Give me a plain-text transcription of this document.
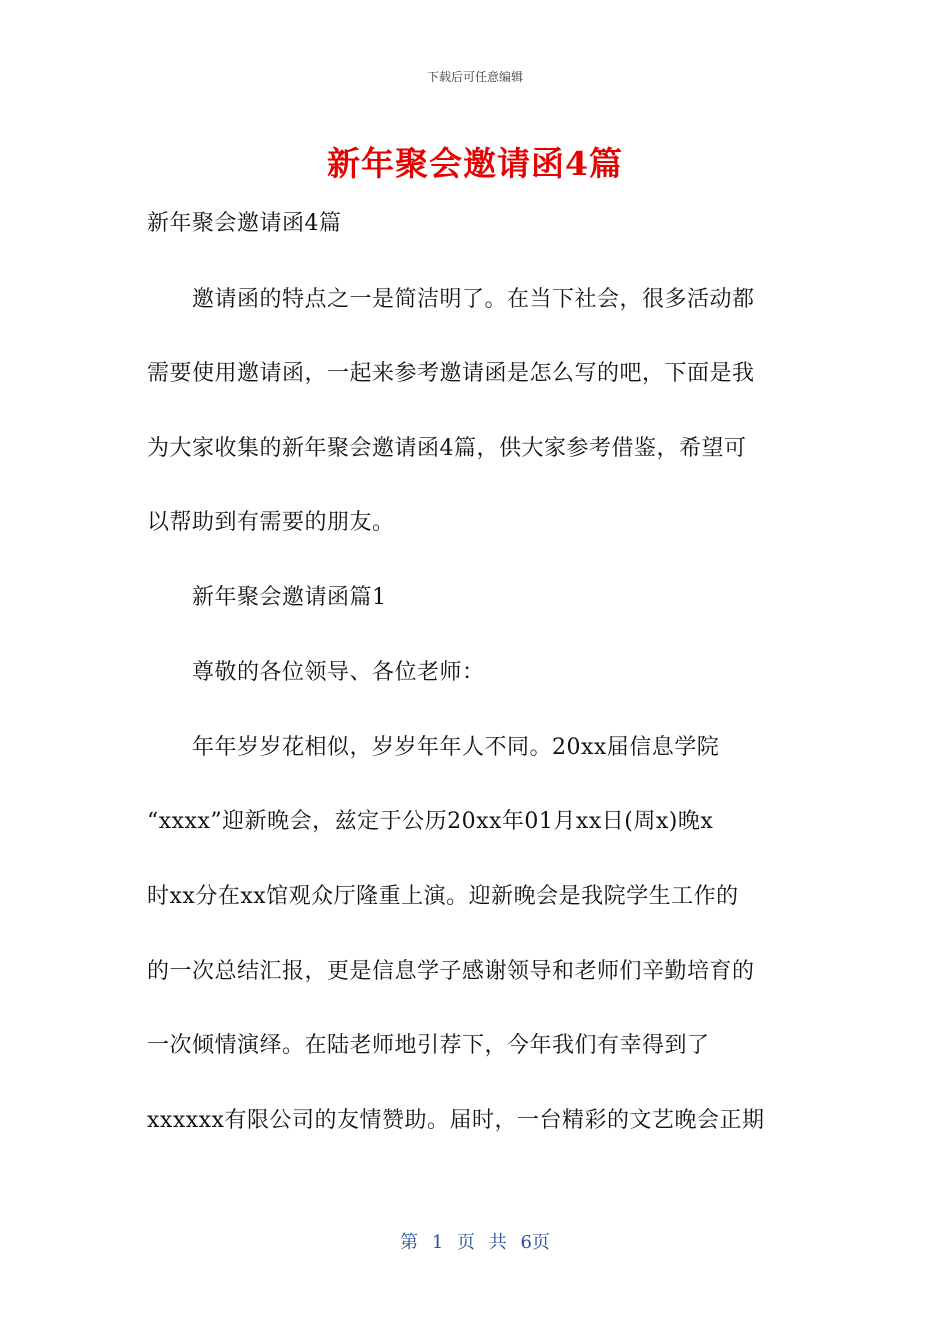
下载后可任意编辑
新年聚会邀请函4篇
新年聚会邀请函4篇
　　邀请函的特点之一是简洁明了。在当下社会，很多活动都
需要使用邀请函，一起来参考邀请函是怎么写的吧，下面是我
为大家收集的新年聚会邀请函4篇，供大家参考借鉴，希望可
以帮助到有需要的朋友。
　　新年聚会邀请函篇1
　　尊敬的各位领导、各位老师：
　　年年岁岁花相似，岁岁年年人不同。20xx届信息学院
“xxxx”迎新晚会，兹定于公历20xx年01月xx日(周x)晚x
时xx分在xx馆观众厅隆重上演。迎新晚会是我院学生工作的
的一次总结汇报，更是信息学子感谢领导和老师们辛勤培育的
一次倾情演绎。在陆老师地引荐下，今年我们有幸得到了
xxxxxx有限公司的友情赞助。届时，一台精彩的文艺晚会正期
第 1 页 共 6页
